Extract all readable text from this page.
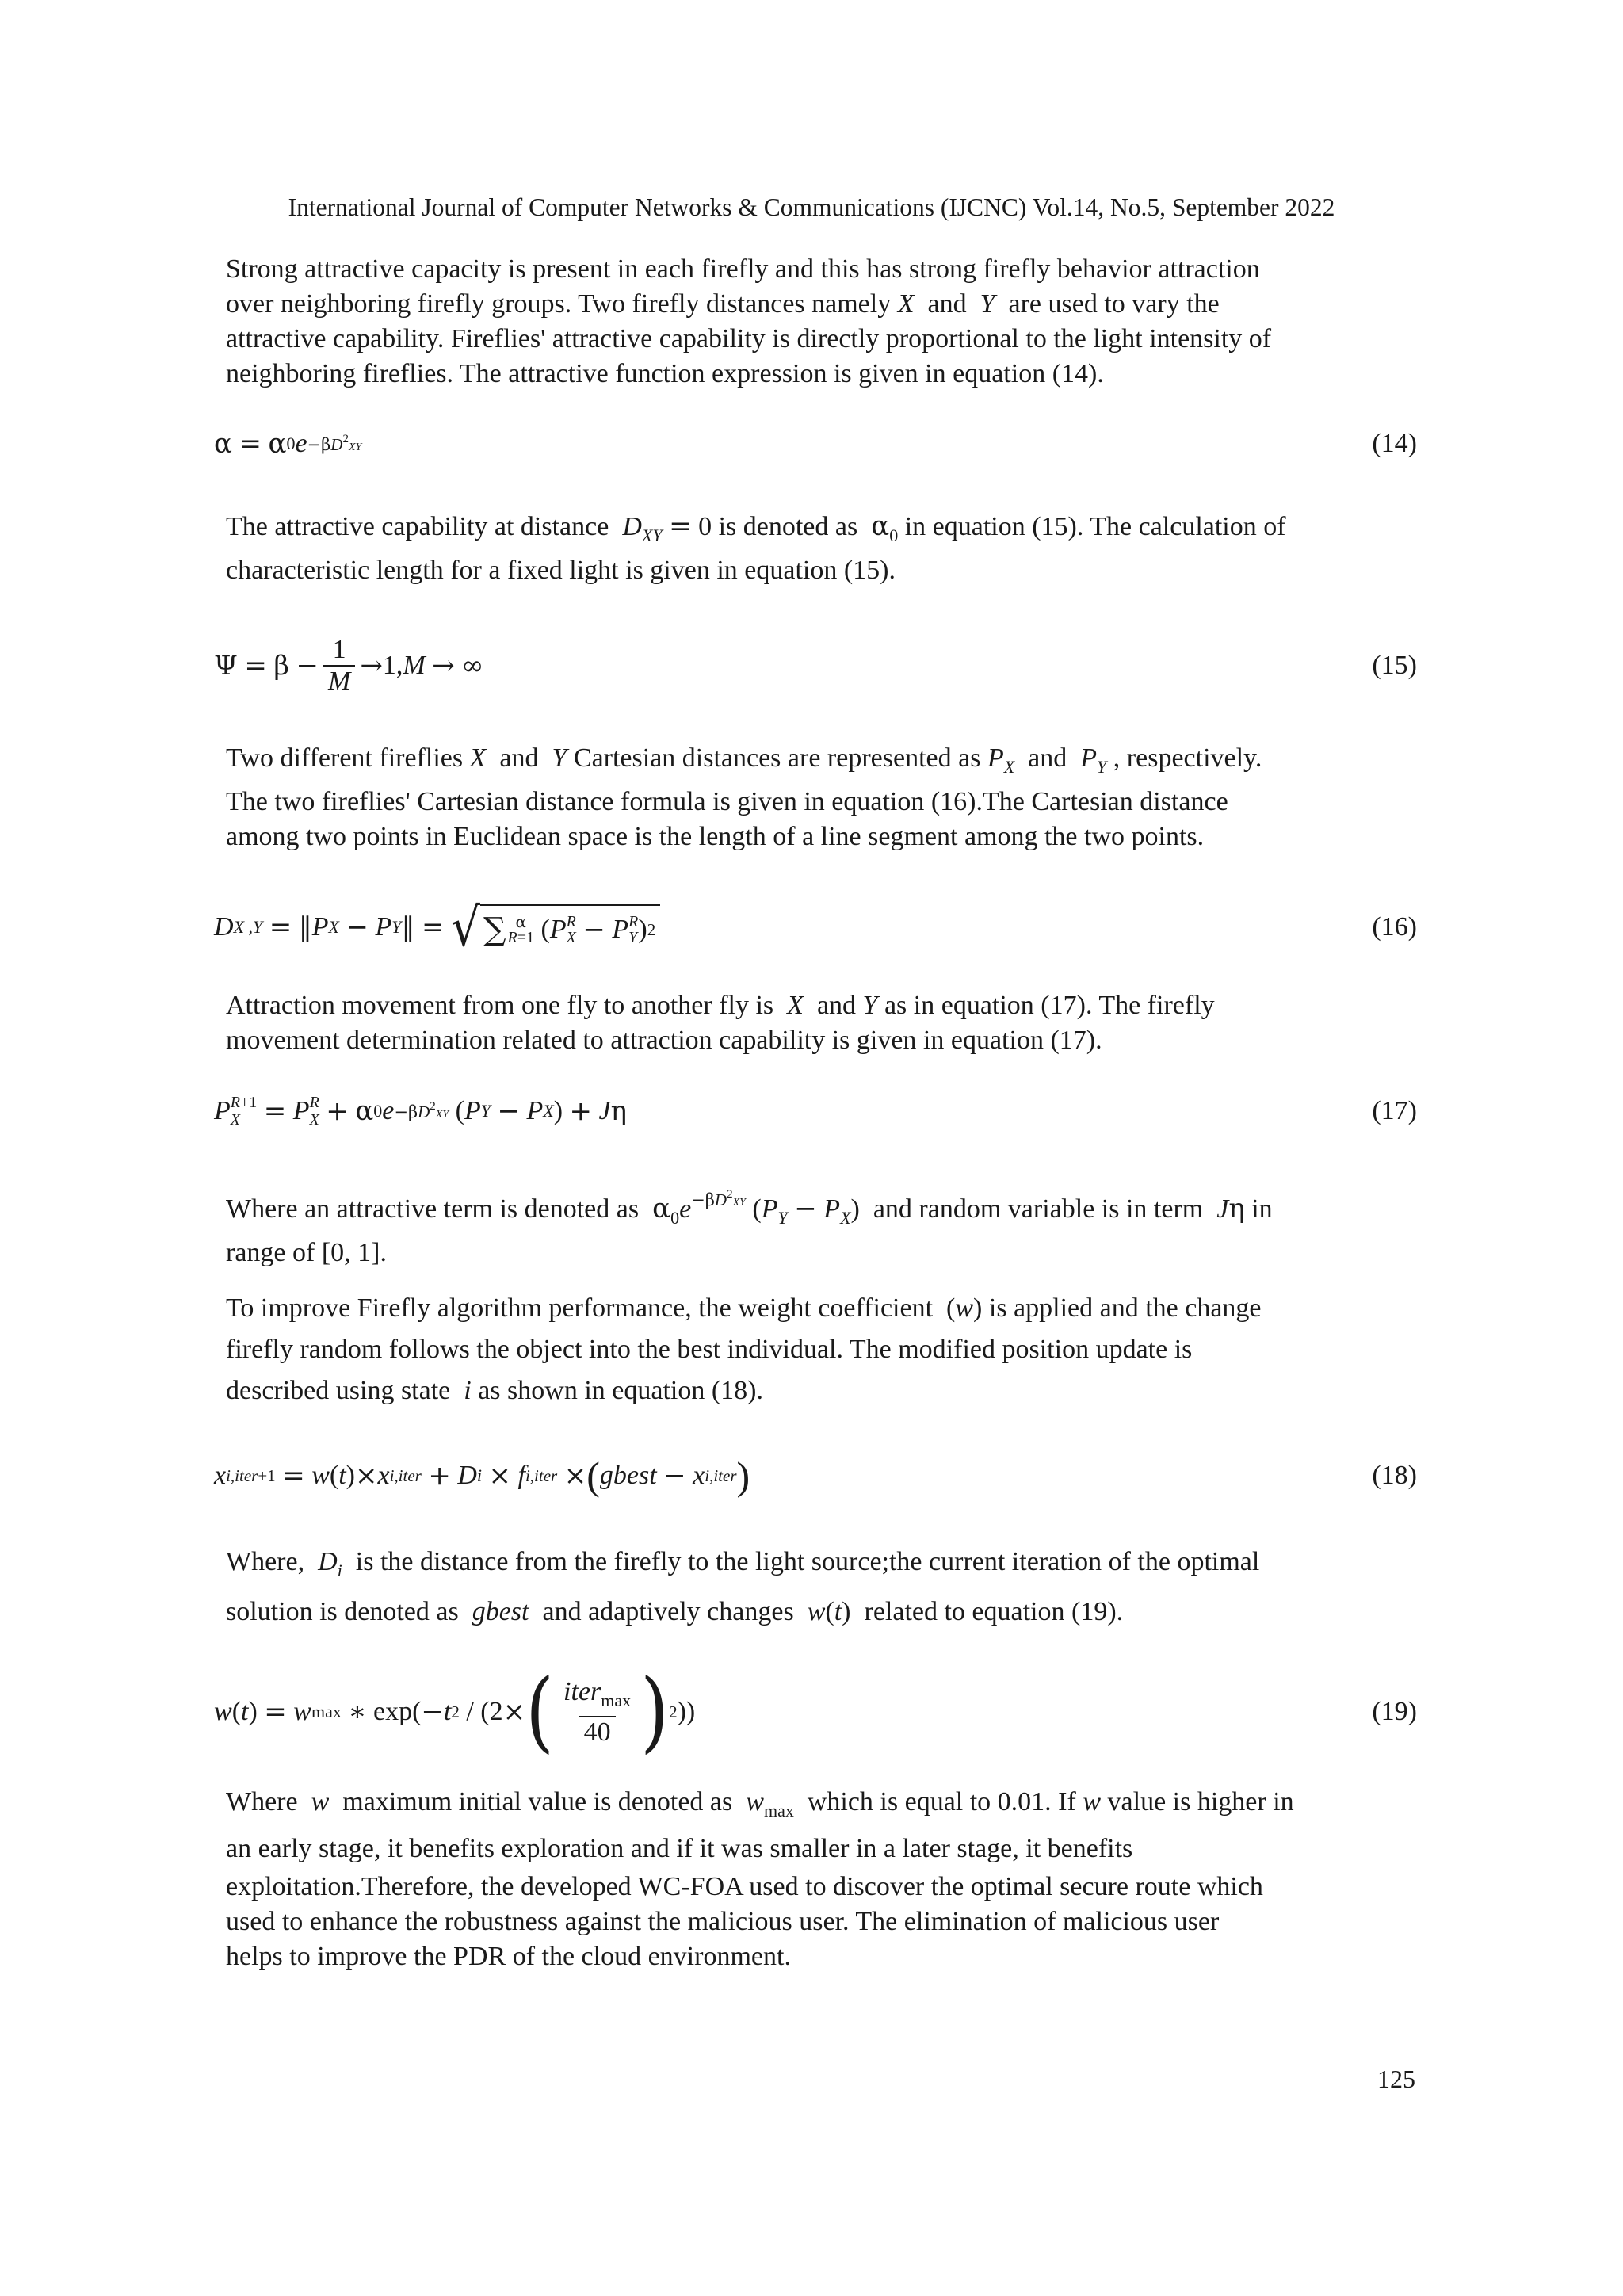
International Journal of Computer Networks & Communications (IJCNC) Vol.14, No.5, September 2022
Strong attractive capacity is present in each firefly and this has strong firefly behavior attraction
over neighboring firefly groups. Two firefly distances namely X and Y are used to vary the
attractive capability. Fireflies' attractive capability is directly proportional to the light intensity of
neighboring fireflies. The attractive function expression is given in equation (14).
α
=
α 0 $e -\beta D^2XY$	(14)
The attractive capability at distance $D_{XY} = 0$ is denoted as $\alpha_0$ in equation (15). The calculation of
characteristic length for a fixed light is given in equation (15).
Ψ
=
β
− $\frac{1}{M} \to 1$, M
→
∞	(15)
Two different fireflies X and Y Cartesian distances are represented as $P_X$ and $P_Y$ , respectively.
The two fireflies' Cartesian distance formula is given in equation (16).The Cartesian distance
among two points in Euclidean space is the length of a line segment among the two points.
D X ,Y
=
‖ P X
−
P Y ‖
=
√ ∑ α
R=1 ( P R
X
−
P R
Y ) 2	(16)
Attraction movement from one fly to another fly is X and Y as in equation (17). The firefly
movement determination related to attraction capability is given in equation (17).
P R+1
X
=
P R
X
+
α 0 $e -\beta D^2XY$ ( P Y
−
P X ) +
J η	(17)
Where an attractive term is denoted as $\alpha_0e^{-\beta D^2XY}$ $(P_Y - P_X)$ and random variable is in term Jη in
range of [0, 1].
To improve Firefly algorithm performance, the weight coefficient  (w) is applied and the change
firefly random follows the object into the best individual. The modified position update is
described using state i as shown in equation (18).
x i,iter +1
=
w ( t ) × x i,iter
+
D i
×
f i,iter
× ( gbest
−
x i,iter )	(18)
Where, $D_i$ is the distance from the firefly to the light source;the current iteration of the optimal
solution is denoted as gbest and adaptively changes w(t)  related to equation (19).
w ( t ) =
w max
∗ exp( − t 2 / (2 × ( $\frac{iter_{max}}{40}$ ) 2 ))	(19)
Where w maximum initial value is denoted as $w_{max}$ which is equal to 0.01. If w value is higher in
an early stage, it benefits exploration and if it was smaller in a later stage, it benefits
exploitation.Therefore, the developed WC-FOA used to discover the optimal secure route which
used to enhance the robustness against the malicious user. The elimination of malicious user
helps to improve the PDR of the cloud environment.
125
